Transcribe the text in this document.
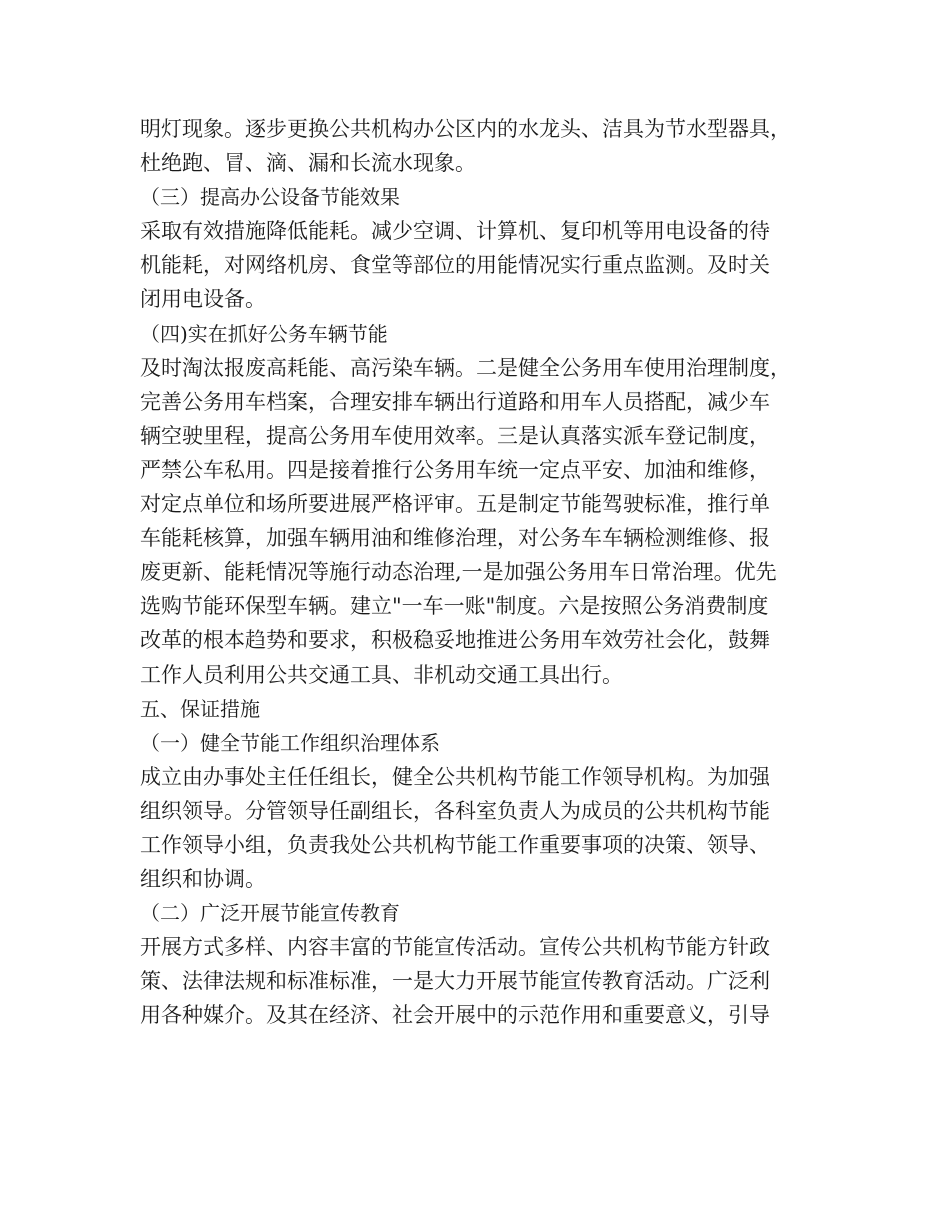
明灯现象。逐步更换公共机构办公区内的水龙头、洁具为节水型器具，
杜绝跑、冒、滴、漏和长流水现象。
（三）提高办公设备节能效果
采取有效措施降低能耗。减少空调、计算机、复印机等用电设备的待
机能耗，对网络机房、食堂等部位的用能情况实行重点监测。及时关
闭用电设备。
（四)实在抓好公务车辆节能
及时淘汰报废高耗能、高污染车辆。二是健全公务用车使用治理制度，
完善公务用车档案，合理安排车辆出行道路和用车人员搭配，减少车
辆空驶里程，提高公务用车使用效率。三是认真落实派车登记制度，
严禁公车私用。四是接着推行公务用车统一定点平安、加油和维修，
对定点单位和场所要进展严格评审。五是制定节能驾驶标准，推行单
车能耗核算，加强车辆用油和维修治理，对公务车车辆检测维修、报
废更新、能耗情况等施行动态治理,一是加强公务用车日常治理。优先
选购节能环保型车辆。建立"一车一账"制度。六是按照公务消费制度
改革的根本趋势和要求，积极稳妥地推进公务用车效劳社会化，鼓舞
工作人员利用公共交通工具、非机动交通工具出行。
五、保证措施
（一）健全节能工作组织治理体系
成立由办事处主任任组长，健全公共机构节能工作领导机构。为加强
组织领导。分管领导任副组长，各科室负责人为成员的公共机构节能
工作领导小组，负责我处公共机构节能工作重要事项的决策、领导、
组织和协调。
（二）广泛开展节能宣传教育
开展方式多样、内容丰富的节能宣传活动。宣传公共机构节能方针政
策、法律法规和标准标准，一是大力开展节能宣传教育活动。广泛利
用各种媒介。及其在经济、社会开展中的示范作用和重要意义，引导
